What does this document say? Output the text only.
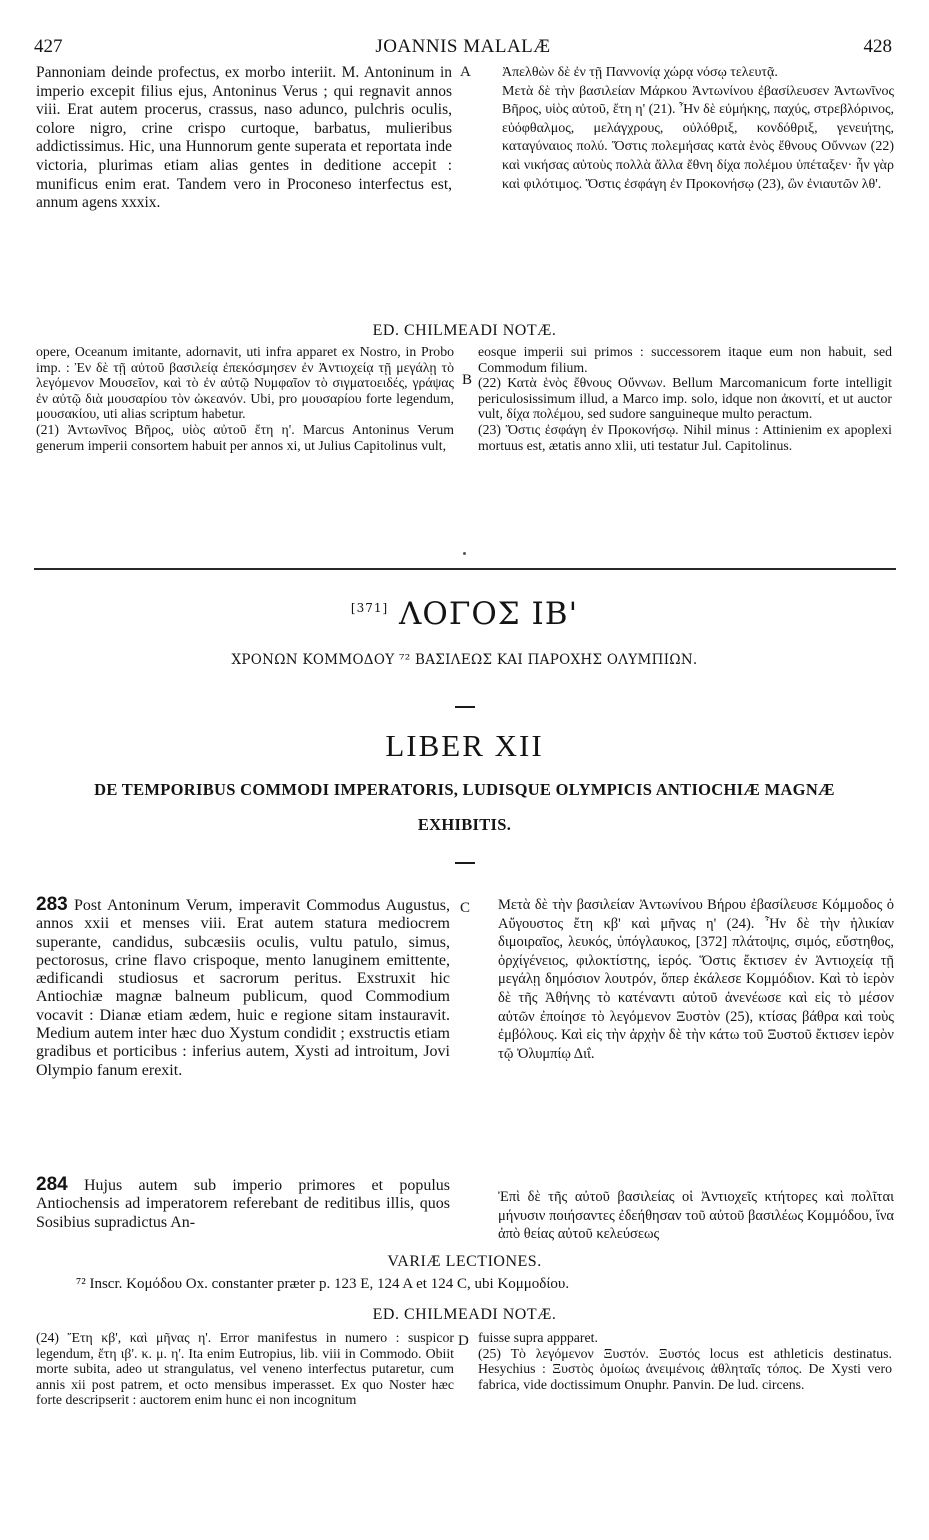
427	JOANNIS MALALÆ	428

Pannoniam deinde profectus, ex morbo interiit. M. Antoninum in imperio excepit filius ejus, Antoninus Verus ; qui regnavit annos viii. Erat autem procerus, crassus, naso adunco, pulchris oculis, colore nigro, crine crispo curtoque, barbatus, mulieribus addictissimus. Hic, una Hunnorum gente superata et reportata inde victoria, plurimas etiam alias gentes in deditione accepit : munificus enim erat. Tandem vero in Proconeso interfectus est, annum agens xxxix.

A Ἀπελθὼν δὲ ἐν τῇ Παννονίᾳ χώρᾳ νόσῳ τελευτᾷ.

Μετὰ δὲ τὴν βασιλείαν Μάρκου Ἀντωνίνου ἐβασίλευσεν Ἀντωνῖνος Βῆρος, υἱὸς αὐτοῦ, ἔτη η' (21). Ἦν δὲ εὐμήκης, παχύς, στρεβλόρινος, εὐόφθαλμος, μελάγχρους, οὐλόθριξ, κονδόθριξ, γενειήτης, καταγύναιος πολύ. Ὅστις πολεμήσας κατὰ ἑνὸς ἔθνους Οὔννων (22) καὶ νικήσας αὐτοὺς πολλὰ ἄλλα ἔθνη δίχα πολέμου ὑπέταξεν· ἦν γὰρ καὶ φιλότιμος. Ὅστις ἐσφάγη ἐν Προκονήσῳ (23), ὢν ἐνιαυτῶν λθ'.

ED. CHILMEADI NOTÆ.

opere, Oceanum imitante, adornavit, uti infra apparet ex Nostro, in Probo imp. : Ἐν δὲ τῇ αὐτοῦ βασιλείᾳ ἐπεκόσμησεν ἐν Ἀντιοχείᾳ τῇ μεγάλῃ τὸ λεγόμενον Μουσεῖον, καὶ τὸ ἐν αὐτῷ Νυμφαῖον τὸ σιγματοειδές, γράψας ἐν αὐτῷ διὰ μουσαρίου τὸν ὠκεανόν. Ubi, pro μουσαρίου forte legendum, μουσακίου, uti alias scriptum habetur.

(21) Ἀντωνῖνος Βῆρος, υἱὸς αὐτοῦ ἔτη η'. Marcus Antoninus Verum generum imperii consortem habuit per annos xi, ut Julius Capitolinus vult,

B

eosque imperii sui primos : successorem itaque eum non habuit, sed Commodum filium.

(22) Κατὰ ἑνὸς ἔθνους Οὔννων. Bellum Marcomanicum forte intelligit periculosissimum illud, a Marco imp. solo, idque non ἀκονιτί, et ut auctor vult, δίχα πολέμου, sed sudore sanguineque multo peractum.

(23) Ὅστις ἐσφάγη ἐν Προκονήσῳ. Nihil minus : Attinienim ex apoplexi mortuus est, ætatis anno xlii, uti testatur Jul. Capitolinus.

[371] ΛΟΓΟΣ ΙΒ'
ΧΡΟΝΩΝ ΚΟΜΜΟΔΟΥ ⁷² ΒΑΣΙΛΕΩΣ ΚΑΙ ΠΑΡΟΧΗΣ ΟΛΥΜΠΙΩΝ.
LIBER XII
DE TEMPORIBUS COMMODI IMPERATORIS, LUDISQUE OLYMPICIS ANTIOCHIÆ MAGNÆ
EXHIBITIS.
283 Post Antoninum Verum, imperavit Commodus Augustus, annos xxii et menses viii. Erat autem statura mediocrem superante, candidus, subcæsiis oculis, vultu patulo, simus, pectorosus, crine flavo crispoque, mento lanuginem emittente, ædificandi studiosus et sacrorum peritus. Exstruxit hic Antiochiæ magnæ balneum publicum, quod Commodium vocavit : Dianæ etiam ædem, huic e regione sitam instauravit. Medium autem inter hæc duo Xystum condidit ; exstructis etiam gradibus et porticibus : inferius autem, Xysti ad introitum, Jovi Olympio fanum erexit.
C Μετὰ δὲ τὴν βασιλείαν Ἀντωνίνου Βήρου ἐβασίλευσε Κόμμοδος ὁ Αὔγουστος ἔτη κβ' καὶ μῆνας η' (24). Ἦν δὲ τὴν ἡλικίαν διμοιραῖος, λευκός, ὑπόγλαυκος, [372] πλάτοψις, σιμός, εὔστηθος, ὀρχίγένειος, φιλοκτίστης, ἱερός. Ὅστις ἔκτισεν ἐν Ἀντιοχείᾳ τῇ μεγάλῃ δημόσιον λουτρόν, ὅπερ ἐκάλεσε Κομμόδιον. Καὶ τὸ ἱερὸν δὲ τῆς Ἀθήνης τὸ κατέναντι αὐτοῦ ἀνενέωσε καὶ εἰς τὸ μέσον αὐτῶν ἐποίησε τὸ λεγόμενον Ξυστὸν (25), κτίσας βάθρα καὶ τοὺς ἐμβόλους. Καὶ εἰς τὴν ἀρχὴν δὲ τὴν κάτω τοῦ Ξυστοῦ ἔκτισεν ἱερὸν τῷ Ὀλυμπίῳ Διΐ.
284 Hujus autem sub imperio primores et populus Antiochensis ad imperatorem referebant de reditibus illis, quos Sosibius supradictus An-
Ἐπὶ δὲ τῆς αὐτοῦ βασιλείας οἱ Ἀντιοχεῖς κτήτορες καὶ πολῖται μήνυσιν ποιήσαντες ἐδεήθησαν τοῦ αὐτοῦ βασιλέως Κομμόδου, ἵνα ἀπὸ θείας αὐτοῦ κελεύσεως
VARIÆ LECTIONES.
⁷² Inscr. Κομόδου Ox. constanter præter p. 123 E, 124 A et 124 C, ubi Κομμοδίου.
ED. CHILMEADI NOTÆ.

(24) Ἔτη κβ', καὶ μῆνας η'. Error manifestus in numero : suspicor legendum, ἔτη ιβ'. κ. μ. η'. Ita enim Eutropius, lib. viii in Commodo. Obiit morte subita, adeo ut strangulatus, vel veneno interfectus putaretur, cum annis xii post patrem, et octo mensibus imperasset. Ex quo Noster hæc forte descripserit : auctorem enim hunc ei non incognitum

D fuisse supra appparet.

(25) Τὸ λεγόμενον Ξυστόν. Ξυστός locus est athleticis destinatus. Hesychius : Ξυστὸς ὁμοίως ἀνειμένοις ἀθληταῖς τόπος. De Xysti vero fabrica, vide doctissimum Onuphr. Panvin. De lud. circens.
